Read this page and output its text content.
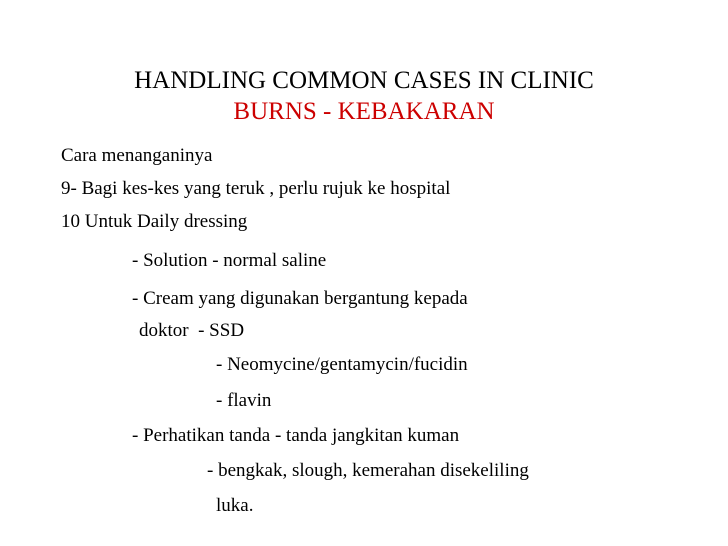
HANDLING COMMON CASES IN CLINIC
BURNS - KEBAKARAN
Cara menanganinya
9- Bagi kes-kes yang teruk , perlu rujuk ke hospital
10 Untuk Daily dressing
- Solution - normal saline
- Cream yang digunakan bergantung kepada
doktor  - SSD
- Neomycine/gentamycin/fucidin
- flavin
- Perhatikan tanda - tanda jangkitan kuman
- bengkak, slough, kemerahan disekeliling
luka.
